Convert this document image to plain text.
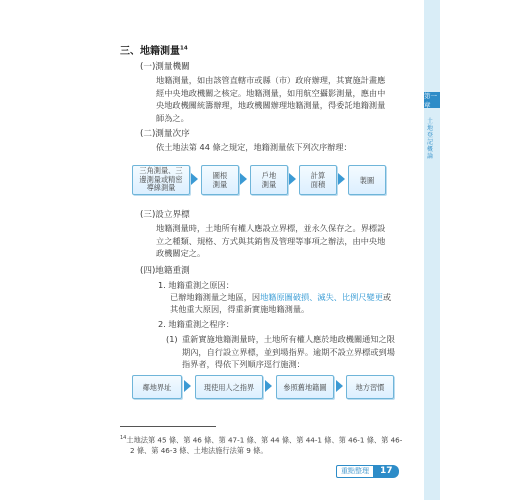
三、地籍測量$^{14}$
(一)測量機關
地籍測量，如由該管直轄市或縣（市）政府辦理，其實施計畫應
經中央地政機關之核定。地籍測量，如用航空攝影測量，應由中
央地政機關統籌辦理，地政機關辦理地籍測量，得委託地籍測量
師為之。
(二)測量次序
依土地法第 44 條之規定，地籍測量依下列次序辦理：
三角測量、三
邊測量或精密
導線測量
圖根
測量
戶地
測量
計算
面積	製圖
(三)設立界標
地籍測量時，土地所有權人應設立界標，並永久保存之。界標設
立之種類、規格、方式與其銷售及管理等事項之辦法，由中央地
政機關定之。
(四)地籍重測
1. 地籍重測之原因：
已辦地籍測量之地區，因地籍原圖破損、滅失、比例尺變更或
其他重大原因，得重新實施地籍測量。
2. 地籍重測之程序：
(1) 重新實施地籍測量時，土地所有權人應於地政機關通知之限
期內，自行設立界標，並到場指界。逾期不設立界標或到場
指界者，得依下列順序逕行施測：
鄰地界址	現使用人之指界	參照舊地籍圖	地方習慣
$^{14}$土地法第 45 條、第 46 條、第 47-1 條、第 44 條、第 44-1 條、第 46-1 條、第 46-
2 條、第 46-3 條、土地法施行法第 9 條。
第一章
土地登記概論
重點整理	17
